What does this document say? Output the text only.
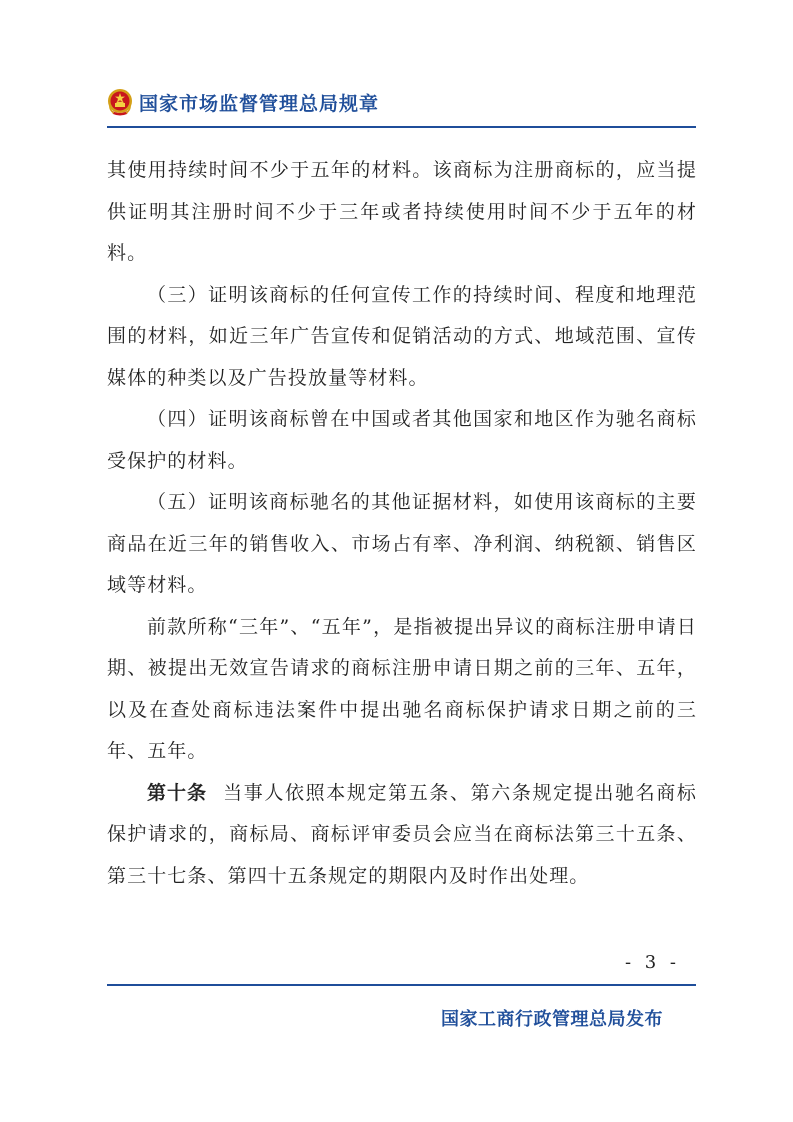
国家市场监督管理总局规章

其使用持续时间不少于五年的材料。该商标为注册商标的，应当提供证明其注册时间不少于三年或者持续使用时间不少于五年的材料。

（三）证明该商标的任何宣传工作的持续时间、程度和地理范围的材料，如近三年广告宣传和促销活动的方式、地域范围、宣传媒体的种类以及广告投放量等材料。

（四）证明该商标曾在中国或者其他国家和地区作为驰名商标受保护的材料。

（五）证明该商标驰名的其他证据材料，如使用该商标的主要商品在近三年的销售收入、市场占有率、净利润、纳税额、销售区域等材料。

前款所称“三年”、“五年”，是指被提出异议的商标注册申请日期、被提出无效宣告请求的商标注册申请日期之前的三年、五年，以及在查处商标违法案件中提出驰名商标保护请求日期之前的三年、五年。

第十条 当事人依照本规定第五条、第六条规定提出驰名商标保护请求的，商标局、商标评审委员会应当在商标法第三十五条、第三十七条、第四十五条规定的期限内及时作出处理。

- 3 -
国家工商行政管理总局发布
